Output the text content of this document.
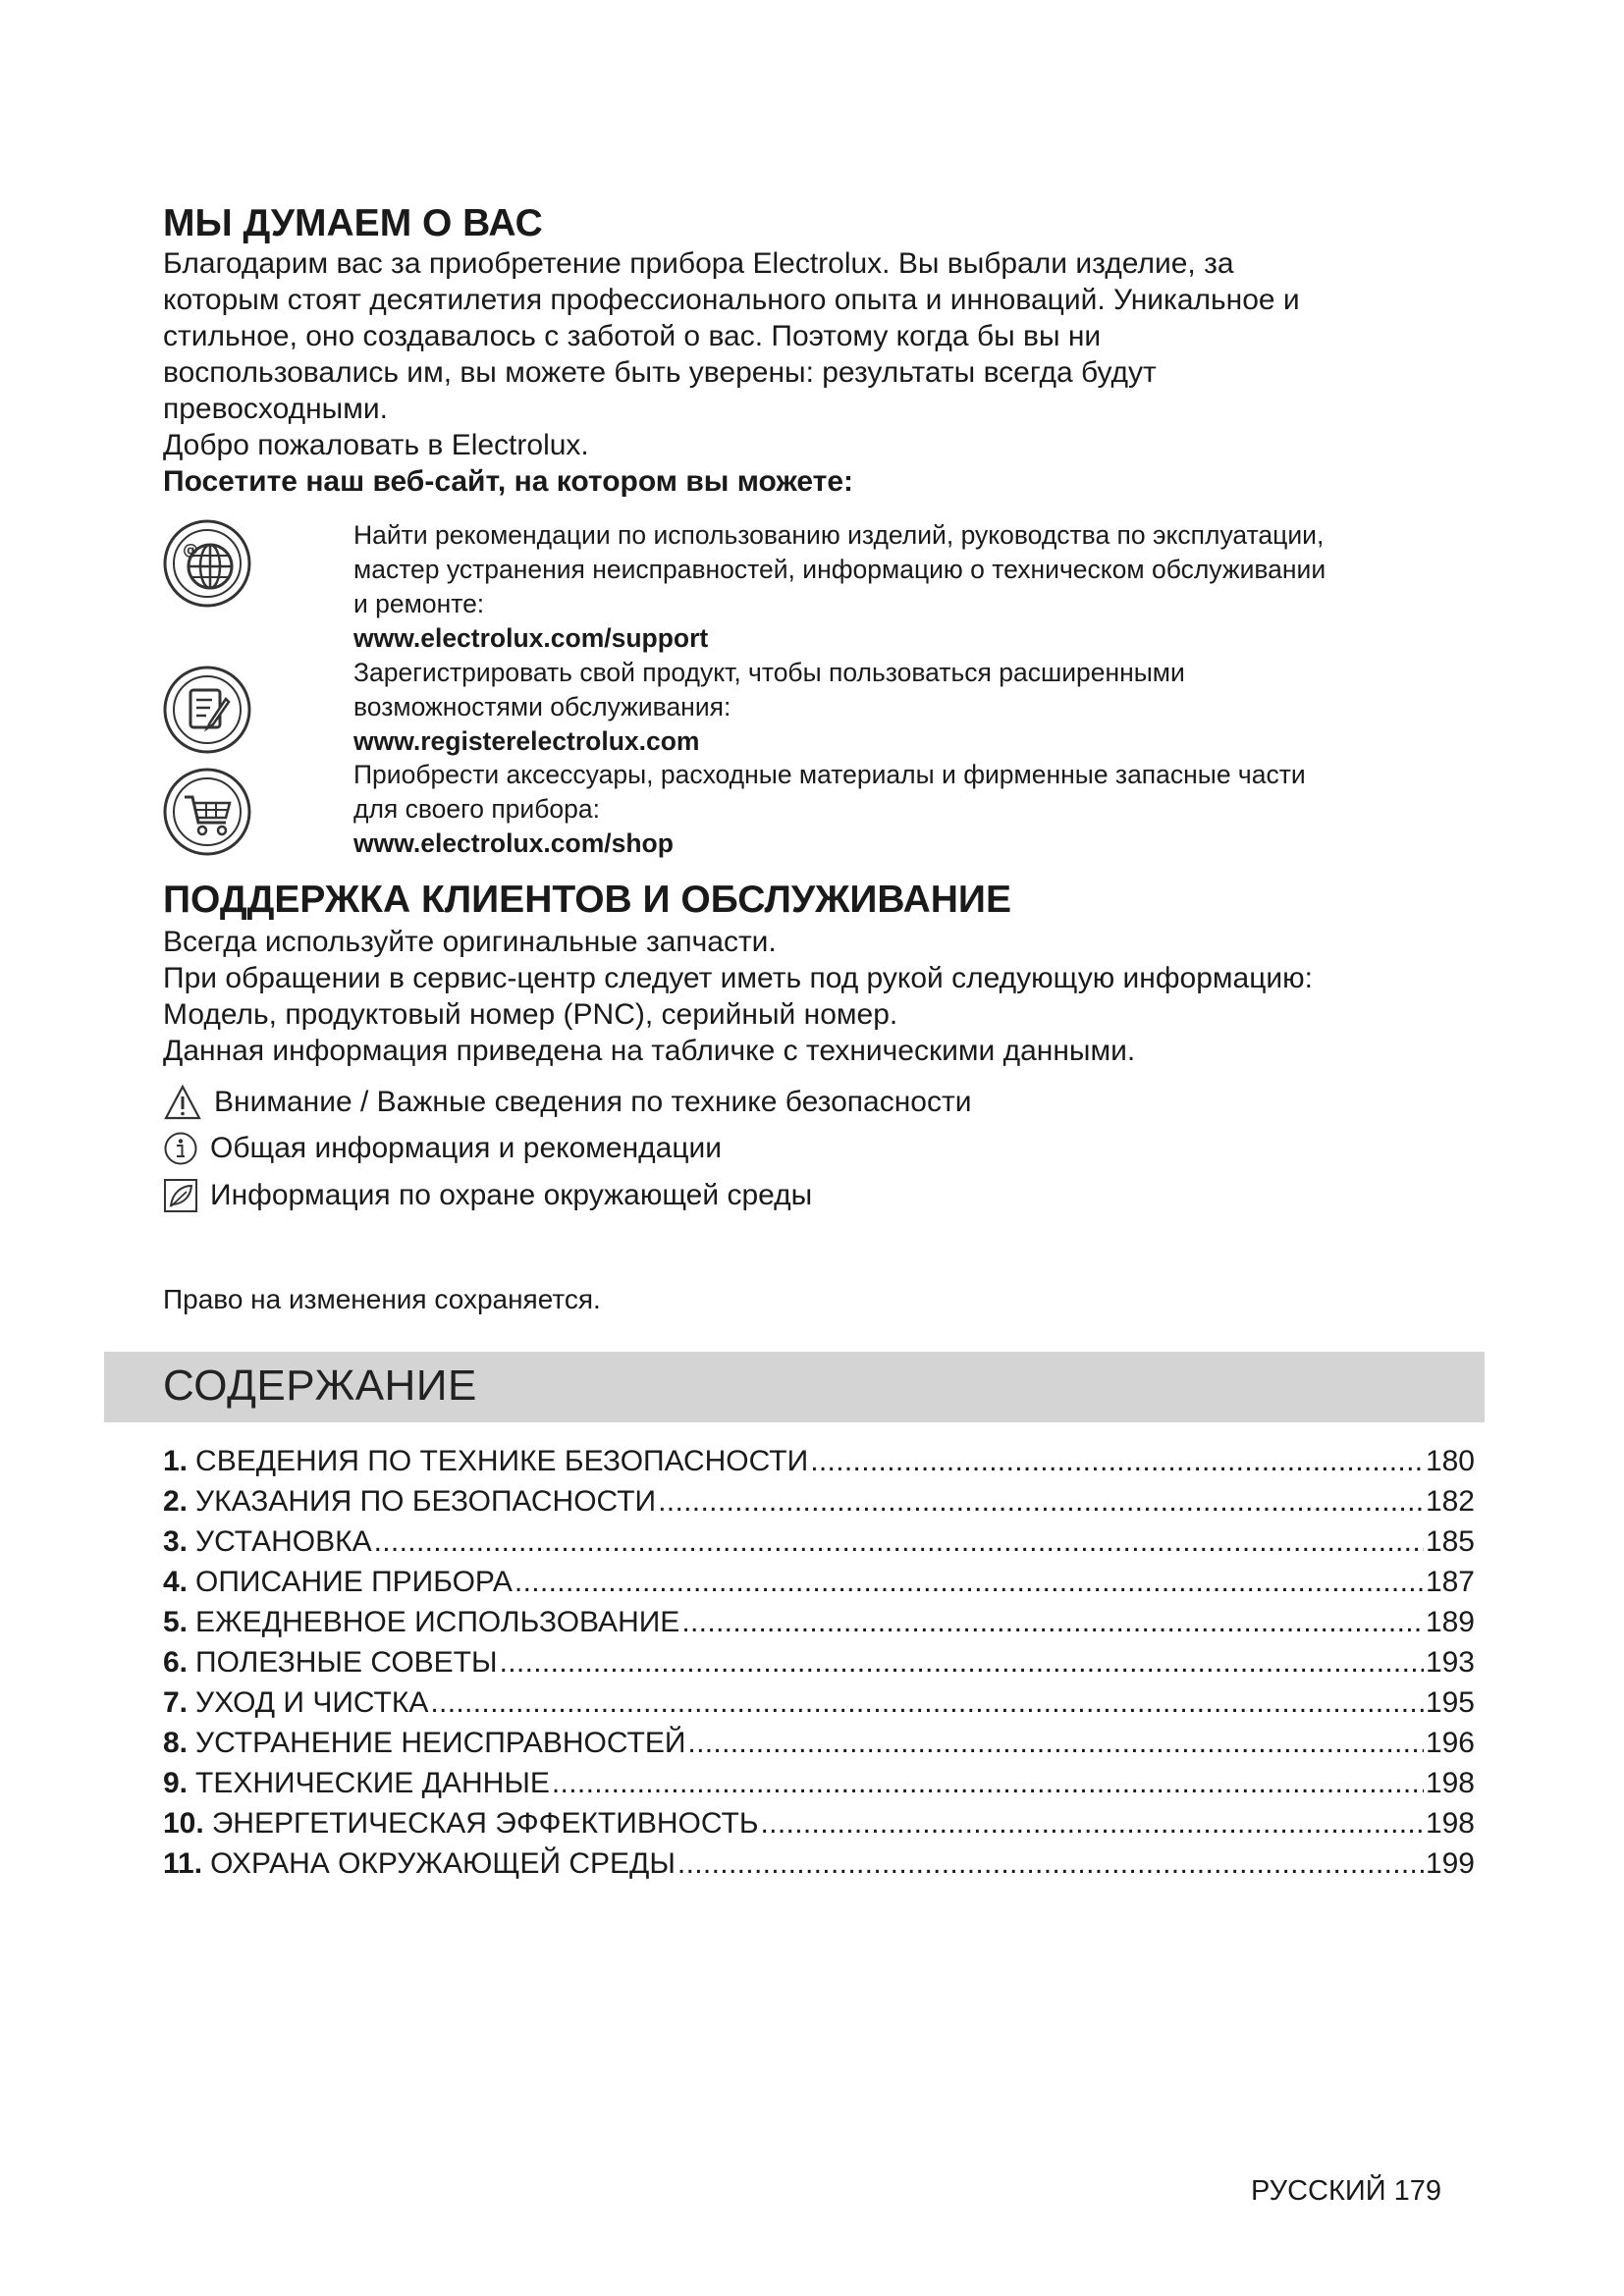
МЫ ДУМАЕМ О ВАС

Благодарим вас за приобретение прибора Electrolux. Вы выбрали изделие, за

которым стоят десятилетия профессионального опыта и инноваций. Уникальное и

стильное, оно создавалось с заботой о вас. Поэтому когда бы вы ни

воспользовались им, вы можете быть уверены: результаты всегда будут

превосходными.

Добро пожаловать в Electrolux.

Посетите наш веб-сайт, на котором вы можете:

@	Найти рекомендации по использованию изделий, руководства по эксплуатации,

мастер устранения неисправностей, информацию о техническом обслуживании

и ремонте:

www.electrolux.com/support

Зарегистрировать свой продукт, чтобы пользоваться расширенными

возможностями обслуживания:

www.registerelectrolux.com

Приобрести аксессуары, расходные материалы и фирменные запасные части

для своего прибора:

www.electrolux.com/shop

ПОДДЕРЖКА КЛИЕНТОВ И ОБСЛУЖИВАНИЕ

Всегда используйте оригинальные запчасти.

При обращении в сервис-центр следует иметь под рукой следующую информацию:

Модель, продуктовый номер (PNC), серийный номер.

Данная информация приведена на табличке с техническими данными.

Внимание / Важные сведения по технике безопасности
Общая информация и рекомендации
Информация по охране окружающей среды
Право на изменения сохраняется.
СОДЕРЖАНИЕ
1. СВЕДЕНИЯ ПО ТЕХНИКЕ БЕЗОПАСНОСТИ . . .	180
2. УКАЗАНИЯ ПО БЕЗОПАСНОСТИ . . .	182
3. УСТАНОВКА . . .	185
4. ОПИСАНИЕ ПРИБОРА . . .	187
5. ЕЖЕДНЕВНОЕ ИСПОЛЬЗОВАНИЕ . . .	189
6. ПОЛЕЗНЫЕ СОВЕТЫ . . .	193
7. УХОД И ЧИСТКА . . .	195
8. УСТРАНЕНИЕ НЕИСПРАВНОСТЕЙ . . .	196
9. ТЕХНИЧЕСКИЕ ДАННЫЕ . . .	198
10. ЭНЕРГЕТИЧЕСКАЯ ЭФФЕКТИВНОСТЬ . . .	198
11. ОХРАНА ОКРУЖАЮЩЕЙ СРЕДЫ . . .	199
РУССКИЙ 179
